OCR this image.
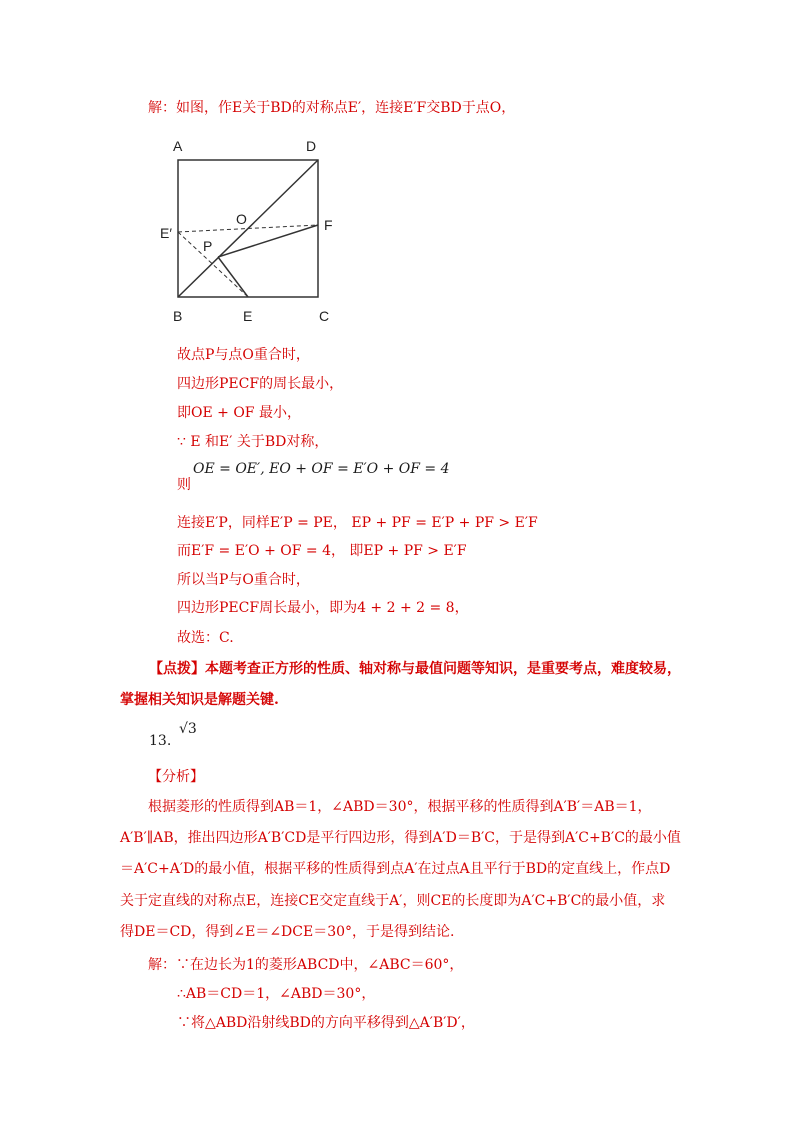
解：如图，作E关于BD的对称点E′，连接E′F交BD于点O，
A	D
E′
O	F
P
B	E	C
故点P与点O重合时，
四边形PECF的周长最小，
即OE + OF 最小，
∵ E 和E′ 关于BD对称，
OE = OE′, EO + OF = E′O + OF = 4
则
连接E′P，同样E′P = PE， EP + PF = E′P + PF > E′F
而E′F = E′O + OF = 4， 即EP + PF > E′F
所以当P与O重合时，
四边形PECF周长最小，即为4 + 2 + 2 = 8，
故选：C.
【点拨】本题考查正方形的性质、轴对称与最值问题等知识，是重要考点，难度较易，
掌握相关知识是解题关键.
13.
√3
【分析】
根据菱形的性质得到AB＝1，∠ABD＝30°，根据平移的性质得到A′B′＝AB＝1，
A′B′∥AB，推出四边形A′B′CD是平行四边形，得到A′D＝B′C，于是得到A′C+B′C的最小值
＝A′C+A′D的最小值，根据平移的性质得到点A′在过点A且平行于BD的定直线上，作点D
关于定直线的对称点E，连接CE交定直线于A′，则CE的长度即为A′C+B′C的最小值，求
得DE＝CD，得到∠E＝∠DCE＝30°，于是得到结论.
解：∵在边长为1的菱形ABCD中，∠ABC＝60°，
∴AB＝CD＝1，∠ABD＝30°，
∵将△ABD沿射线BD的方向平移得到△A′B′D′，
